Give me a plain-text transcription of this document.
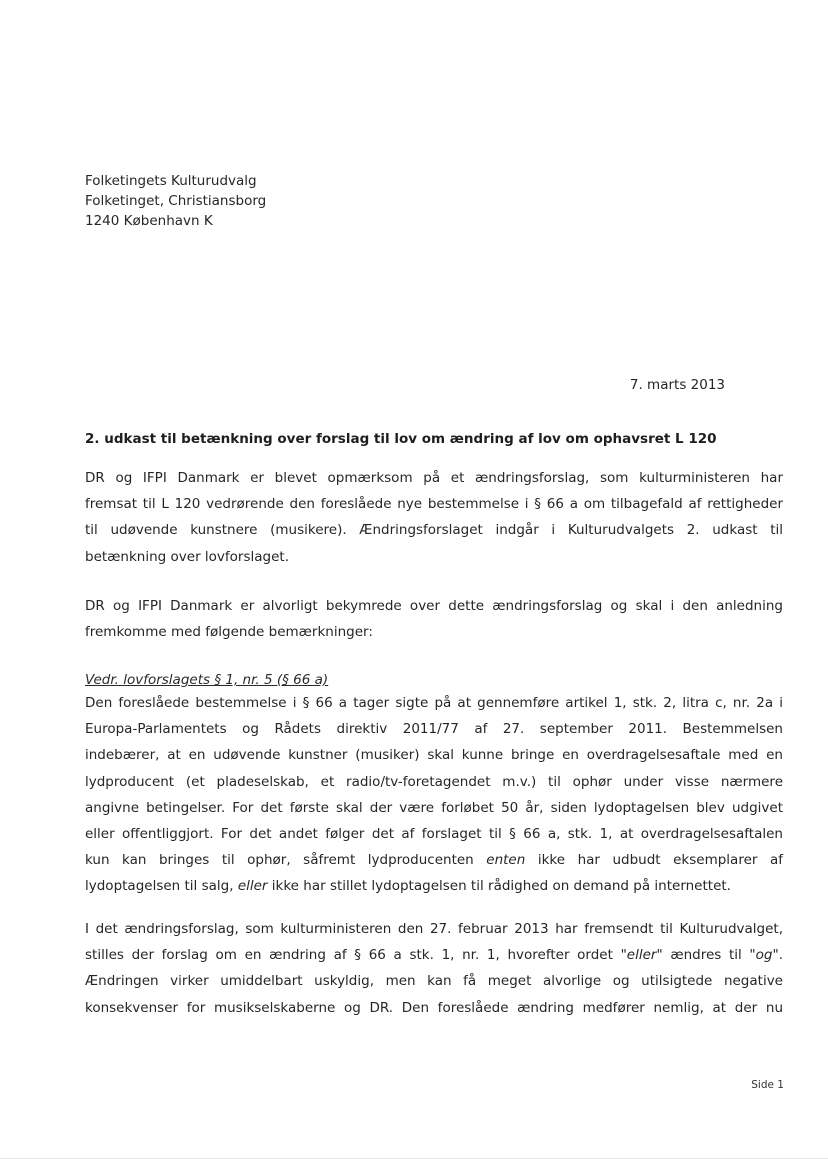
Folketingets Kulturudvalg
Folketinget, Christiansborg
1240 København K
7. marts 2013
2. udkast til betænkning over forslag til lov om ændring af lov om ophavsret L 120
DR og IFPI Danmark er blevet opmærksom på et ændringsforslag, som kulturministeren har
fremsat til L 120 vedrørende den foreslåede nye bestemmelse i § 66 a om tilbagefald af rettigheder
til udøvende kunstnere (musikere). Ændringsforslaget indgår i Kulturudvalgets 2. udkast til
betænkning over lovforslaget.
DR og IFPI Danmark er alvorligt bekymrede over dette ændringsforslag og skal i den anledning
fremkomme med følgende bemærkninger:
Vedr. lovforslagets § 1, nr. 5 (§ 66 a)
Den foreslåede bestemmelse i § 66 a tager sigte på at gennemføre artikel 1, stk. 2, litra c, nr. 2a i
Europa-Parlamentets og Rådets direktiv 2011/77 af 27. september 2011. Bestemmelsen
indebærer, at en udøvende kunstner (musiker) skal kunne bringe en overdragelsesaftale med en
lydproducent (et pladeselskab, et radio/tv-foretagendet m.v.) til ophør under visse nærmere
angivne betingelser. For det første skal der være forløbet 50 år, siden lydoptagelsen blev udgivet
eller offentliggjort. For det andet følger det af forslaget til § 66 a, stk. 1, at overdragelsesaftalen
kun kan bringes til ophør, såfremt lydproducenten enten ikke har udbudt eksemplarer af
lydoptagelsen til salg, eller ikke har stillet lydoptagelsen til rådighed on demand på internettet.
I det ændringsforslag, som kulturministeren den 27. februar 2013 har fremsendt til Kulturudvalget,
stilles der forslag om en ændring af § 66 a stk. 1, nr. 1, hvorefter ordet "eller" ændres til "og".
Ændringen virker umiddelbart uskyldig, men kan få meget alvorlige og utilsigtede negative
konsekvenser for musikselskaberne og DR. Den foreslåede ændring medfører nemlig, at der nu
Side 1
